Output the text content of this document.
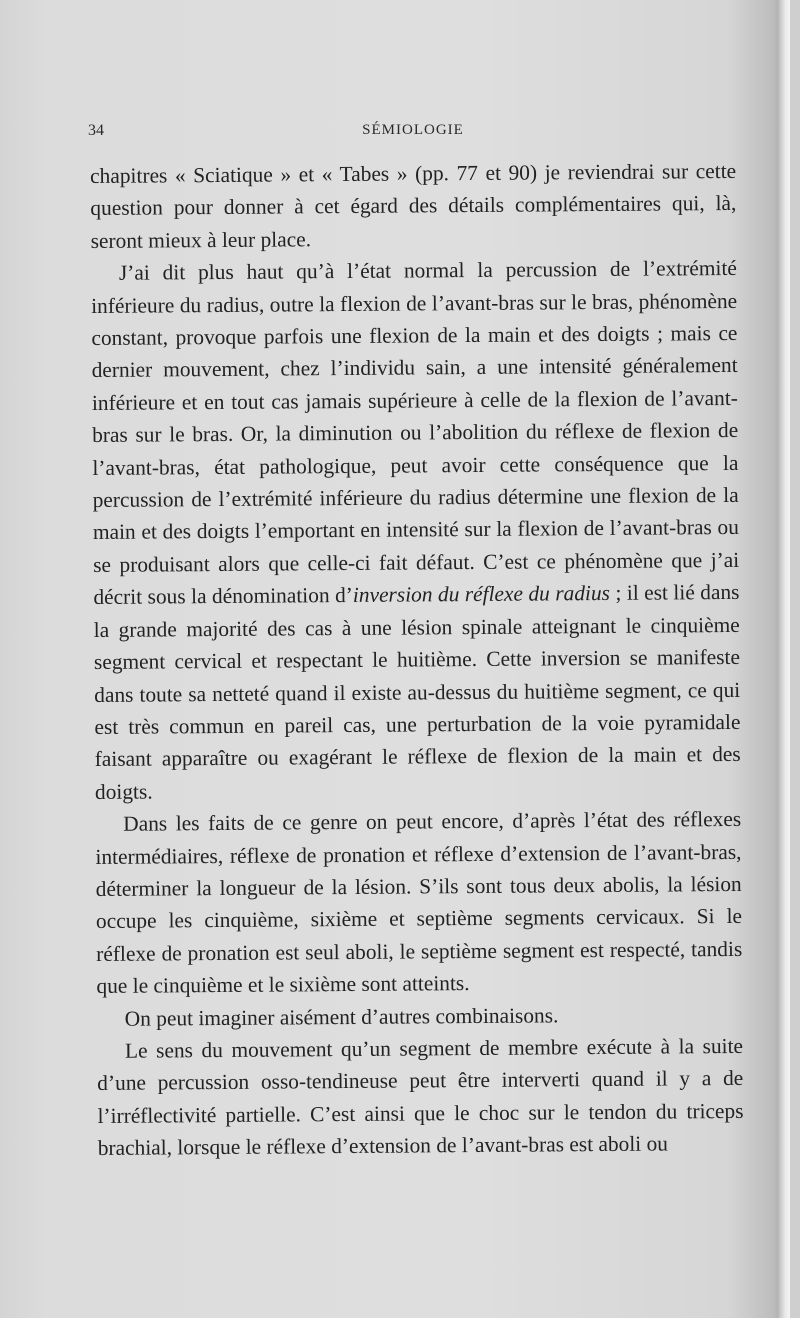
34	SÉMIOLOGIE

chapitres « Sciatique » et « Tabes » (pp. 77 et 90) je reviendrai sur cette question pour donner à cet égard des détails complémentaires qui, là, seront mieux à leur place.

J’ai dit plus haut qu’à l’état normal la percussion de l’extrémité inférieure du radius, outre la flexion de l’avant-bras sur le bras, phénomène constant, provoque parfois une flexion de la main et des doigts ; mais ce dernier mouvement, chez l’individu sain, a une intensité généralement inférieure et en tout cas jamais supérieure à celle de la flexion de l’avant-bras sur le bras. Or, la diminution ou l’abolition du réflexe de flexion de l’avant-bras, état pathologique, peut avoir cette conséquence que la percussion de l’extrémité inférieure du radius détermine une flexion de la main et des doigts l’emportant en intensité sur la flexion de l’avant-bras ou se produisant alors que celle-ci fait défaut. C’est ce phénomène que j’ai décrit sous la dénomination d’inversion du réflexe du radius ; il est lié dans la grande majorité des cas à une lésion spinale atteignant le cinquième segment cervical et respectant le huitième. Cette inversion se manifeste dans toute sa netteté quand il existe au-dessus du huitième segment, ce qui est très commun en pareil cas, une perturbation de la voie pyramidale faisant apparaître ou exagérant le réflexe de flexion de la main et des doigts.

Dans les faits de ce genre on peut encore, d’après l’état des réflexes intermédiaires, réflexe de pronation et réflexe d’extension de l’avant-bras, déterminer la longueur de la lésion. S’ils sont tous deux abolis, la lésion occupe les cinquième, sixième et septième segments cervicaux. Si le réflexe de pronation est seul aboli, le septième segment est respecté, tandis que le cinquième et le sixième sont atteints.

On peut imaginer aisément d’autres combinaisons.

Le sens du mouvement qu’un segment de membre exécute à la suite d’une percussion osso-tendineuse peut être interverti quand il y a de l’irréflectivité partielle. C’est ainsi que le choc sur le tendon du triceps brachial, lorsque le réflexe d’extension de l’avant-bras est aboli ou
